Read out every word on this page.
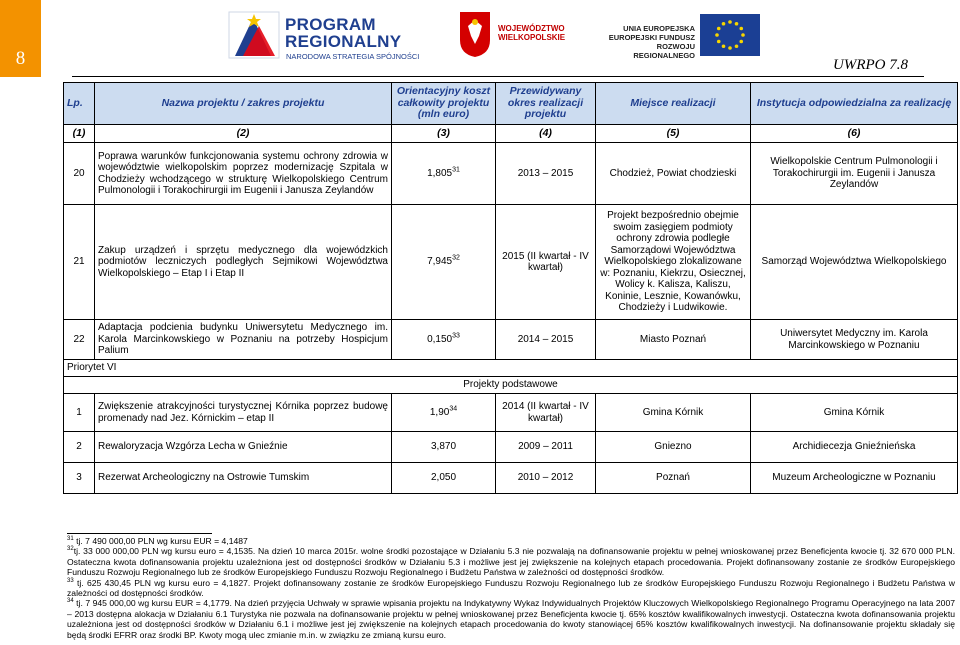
8
PROGRAM
REGIONALNY
NARODOWA STRATEGIA SPÓJNOŚCI
WOJEWÓDZTWO
WIELKOPOLSKIE
UNIA EUROPEJSKA
EUROPEJSKI FUNDUSZ
ROZWOJU REGIONALNEGO
UWRPO 7.8
Lp.	Nazwa projektu / zakres projektu	Orientacyjny koszt całkowity projektu (mln euro)	Przewidywany okres realizacji projektu	Miejsce realizacji	Instytucja odpowiedzialna za realizację
(1)	(2)	(3)	(4)	(5)	(6)
20	Poprawa warunków funkcjonowania systemu ochrony zdrowia w województwie wielkopolskim poprzez modernizację Szpitala w Chodzieży wchodzącego w strukturę Wielkopolskiego Centrum Pulmonologii i Torakochirurgii im Eugenii i Janusza Zeylandów	1,805$^{31}$	2013 – 2015	Chodzież, Powiat chodzieski	Wielkopolskie Centrum Pulmonologii i Torakochirurgii im. Eugenii i Janusza Zeylandów
21	Zakup urządzeń i sprzętu medycznego dla wojewódzkich podmiotów leczniczych podległych Sejmikowi Województwa Wielkopolskiego – Etap I i Etap II	7,945$^{32}$	2015 (II kwartał - IV kwartał)	Projekt bezpośrednio obejmie swoim zasięgiem podmioty ochrony zdrowia podległe Samorządowi Województwa Wielkopolskiego zlokalizowane w: Poznaniu, Kiekrzu, Osiecznej, Wolicy k. Kalisza, Kaliszu, Koninie, Lesznie, Kowanówku, Chodzieży i Ludwikowie.	Samorząd Województwa Wielkopolskiego
22	Adaptacja podcienia budynku Uniwersytetu Medycznego im. Karola Marcinkowskiego w Poznaniu na potrzeby Hospicjum Palium	0,150$^{33}$	2014 – 2015	Miasto Poznań	Uniwersytet Medyczny im. Karola Marcinkowskiego w Poznaniu
Priorytet VI					
Projekty podstawowe					
1	Zwiększenie atrakcyjności turystycznej Kórnika poprzez budowę promenady nad Jez. Kórnickim – etap II	1,90$^{34}$	2014 (II kwartał - IV kwartał)	Gmina Kórnik	Gmina Kórnik
2	Rewaloryzacja Wzgórza Lecha w Gnieźnie	3,870	2009 – 2011	Gniezno	Archidiecezja Gnieźnieńska
3	Rezerwat Archeologiczny na Ostrowie Tumskim	2,050	2010 – 2012	Poznań	Muzeum Archeologiczne w Poznaniu

$^{31}$ tj. 7 490 000,00 PLN wg kursu EUR = 4,1487

$^{32}$tj. 33 000 000,00 PLN wg kursu euro = 4,1535. Na dzień 10 marca 2015r. wolne środki pozostające w Działaniu 5.3 nie pozwalają na dofinansowanie projektu w pełnej wnioskowanej przez Beneficjenta kwocie tj. 32 670 000 PLN. Ostateczna kwota dofinansowania projektu uzależniona jest od dostępności środków w Działaniu 5.3 i możliwe jest jej zwiększenie na kolejnych etapach procedowania. Projekt dofinansowany zostanie ze środków Europejskiego Funduszu Rozwoju Regionalnego lub ze środków Europejskiego Funduszu Rozwoju Regionalnego i Budżetu Państwa w zależności od dostępności środków.

$^{33}$ tj. 625 430,45 PLN wg kursu euro = 4,1827. Projekt dofinansowany zostanie ze środków Europejskiego Funduszu Rozwoju Regionalnego lub ze środków Europejskiego Funduszu Rozwoju Regionalnego i Budżetu Państwa w zależności od dostępności środków.

$^{34}$ tj. 7 945 000,00 wg kursu EUR = 4,1779. Na dzień przyjęcia Uchwały w sprawie wpisania projektu na Indykatywny Wykaz Indywidualnych Projektów Kluczowych Wielkopolskiego Regionalnego Programu Operacyjnego na lata 2007 – 2013 dostępna alokacja w Działaniu 6.1 Turystyka nie pozwala na dofinansowanie projektu w pełnej wnioskowanej przez Beneficjenta kwocie tj. 65% kosztów kwalifikowalnych inwestycji. Ostateczna kwota dofinansowania projektu uzależniona jest od dostępności środków w Działaniu 6.1 i możliwe jest jej zwiększenie na kolejnych etapach procedowania do kwoty stanowiącej 65% kosztów kwalifikowalnych inwestycji. Na dofinansowanie projektu składały się będą środki EFRR oraz środki BP. Kwoty mogą ulec zmianie m.in. w związku ze zmianą kursu euro.
